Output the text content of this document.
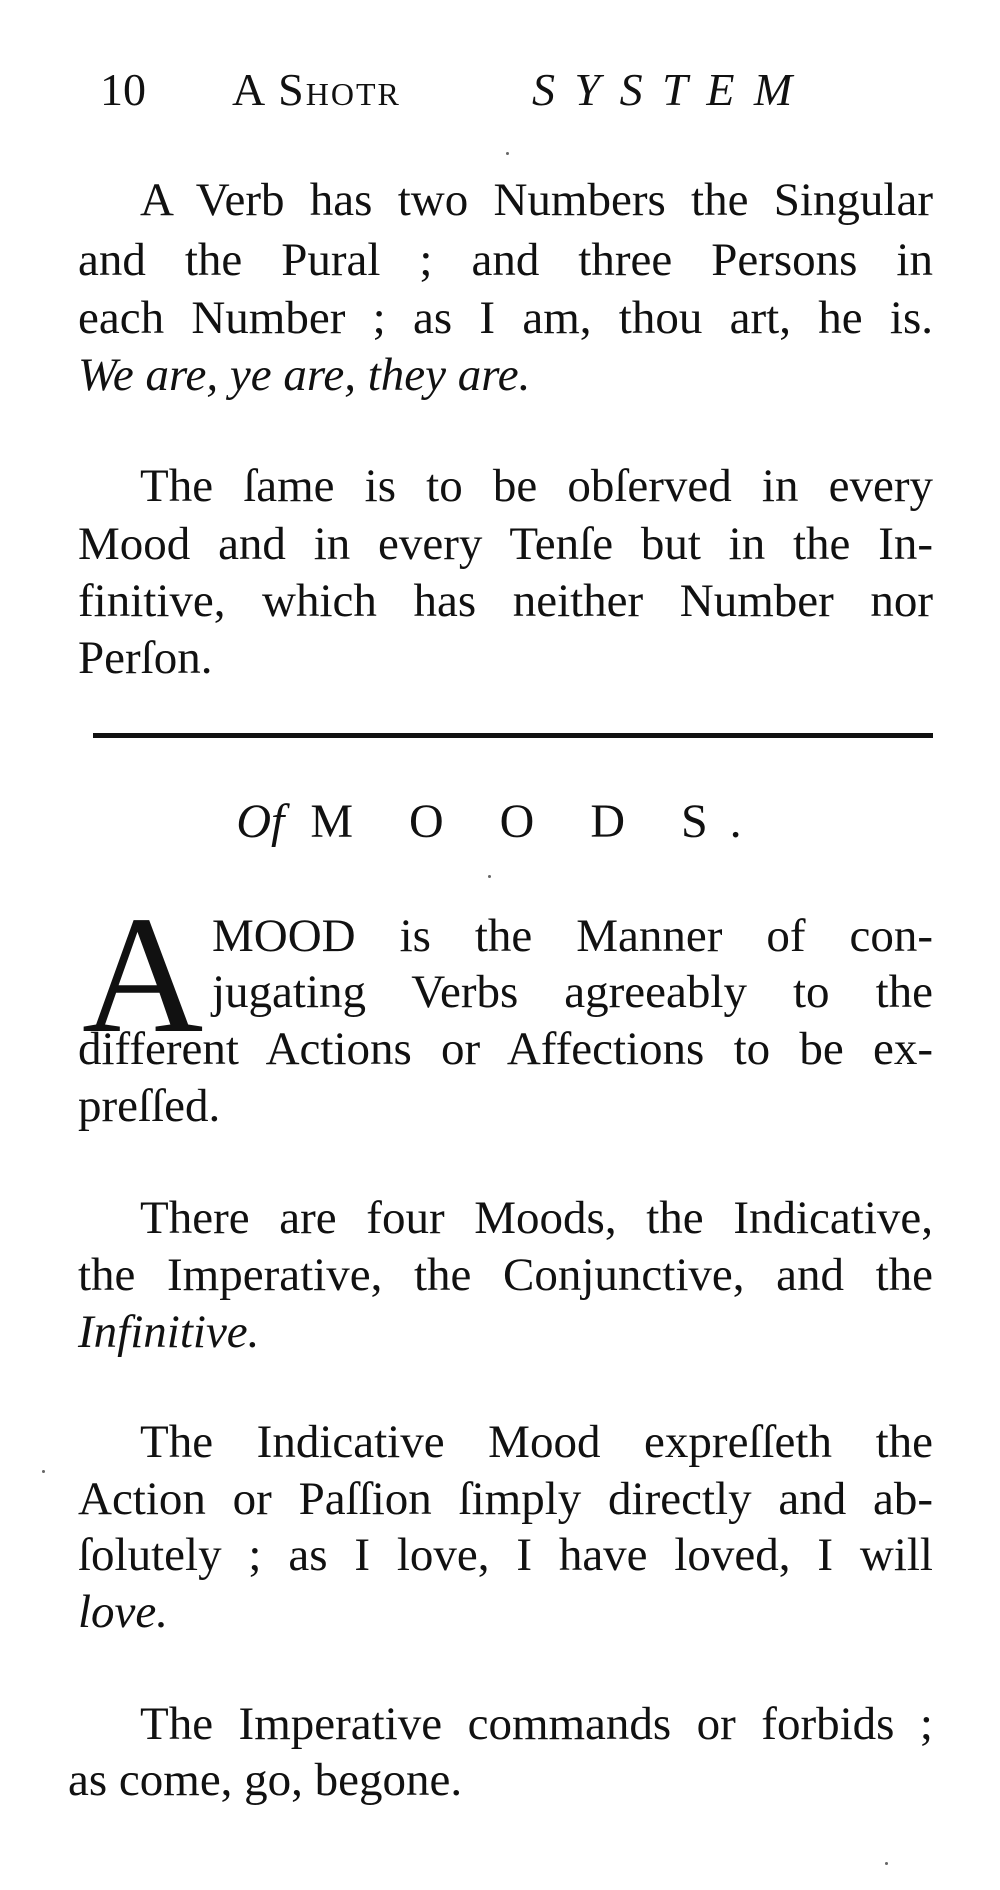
10 A Shotr	S Y S T E M
A Verb has two Numbers the Singular
and the Pural ; and three Persons in
each Number ; as I am, thou art, he is.
We are, ye are, they are.
The ſame is to be obſerved in every
Mood and in every Tenſe but in the In-
finitive, which has neither Number nor
Perſon.
Of M O O D S.
A MOOD is the Manner of con-
jugating Verbs agreeably to the
different Actions or Affections to be ex-
preſſed.
There are four Moods, the Indicative,
the Imperative, the Conjunctive, and the
Infinitive.
The Indicative Mood expreſſeth the
Action or Paſſion ſimply directly and ab-
ſolutely ; as I love, I have loved, I will
love.
The Imperative commands or forbids ;
as come, go, begone.
